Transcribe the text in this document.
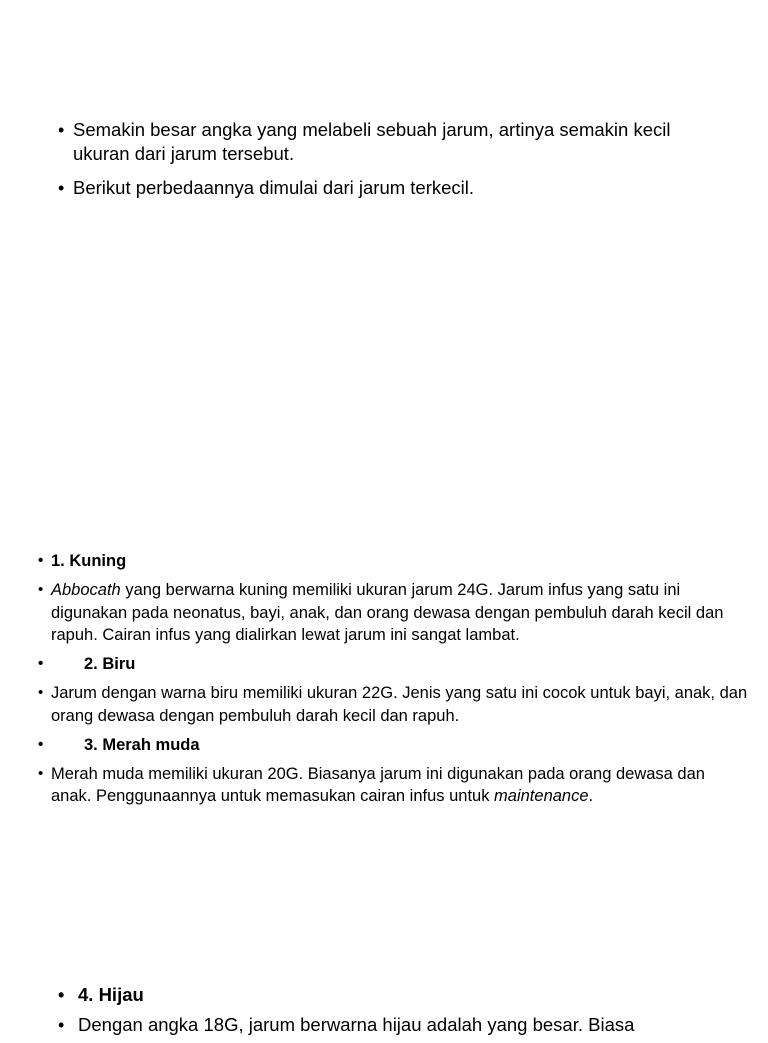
• Semakin besar angka yang melabeli sebuah jarum, artinya semakin kecil ukuran dari jarum tersebut.
• Berikut perbedaannya dimulai dari jarum terkecil.
• 1. Kuning
• Abbocath yang berwarna kuning memiliki ukuran jarum 24G. Jarum infus yang satu ini digunakan pada neonatus, bayi, anak, dan orang dewasa dengan pembuluh darah kecil dan rapuh. Cairan infus yang dialirkan lewat jarum ini sangat lambat.
• 2. Biru
• Jarum dengan warna biru memiliki ukuran 22G. Jenis yang satu ini cocok untuk bayi, anak, dan orang dewasa dengan pembuluh darah kecil dan rapuh.
• 3. Merah muda
• Merah muda memiliki ukuran 20G. Biasanya jarum ini digunakan pada orang dewasa dan anak. Penggunaannya untuk memasukan cairan infus untuk maintenance.
• 4. Hijau
• Dengan angka 18G, jarum berwarna hijau adalah yang besar. Biasa
